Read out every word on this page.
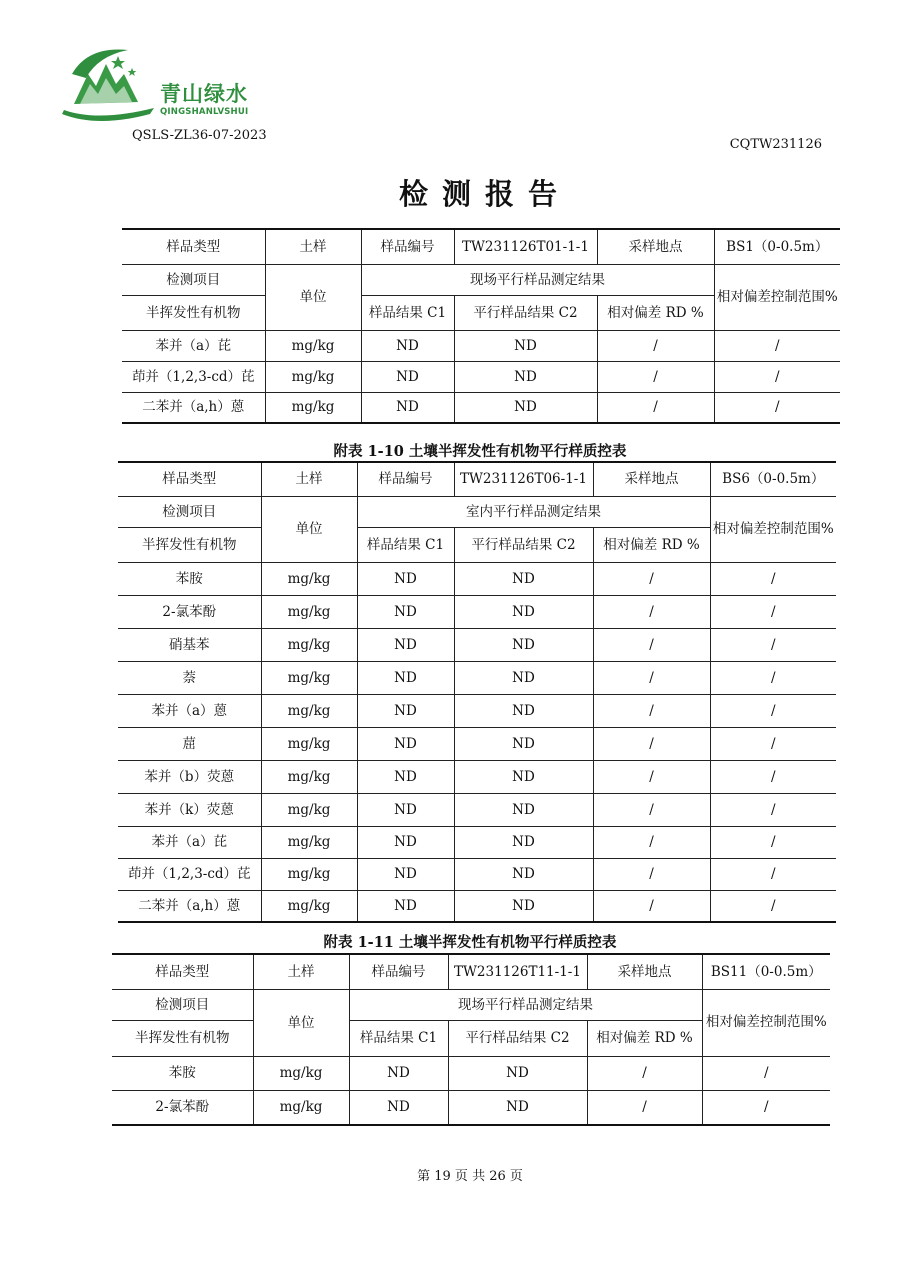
青山绿水
QINGSHANLVSHUI
QSLS-ZL36-07-2023
CQTW231126
检测报告
样品类型	土样	样品编号	TW231126T01-1-1	采样地点	BS1（0-0.5m）
检测项目	单位	现场平行样品测定结果			相对偏差控制范围%
半挥发性有机物		样品结果 C1	平行样品结果 C2	相对偏差 RD %	
苯并（a）芘	mg/kg	ND	ND	/	/
茚并（1,2,3-cd）芘	mg/kg	ND	ND	/	/
二苯并（a,h）蒽	mg/kg	ND	ND	/	/
附表 1-10 土壤半挥发性有机物平行样质控表
样品类型	土样	样品编号	TW231126T06-1-1	采样地点	BS6（0-0.5m）
检测项目	单位	室内平行样品测定结果			相对偏差控制范围%
半挥发性有机物		样品结果 C1	平行样品结果 C2	相对偏差 RD %	
苯胺	mg/kg	ND	ND	/	/
2-氯苯酚	mg/kg	ND	ND	/	/
硝基苯	mg/kg	ND	ND	/	/
萘	mg/kg	ND	ND	/	/
苯并（a）蒽	mg/kg	ND	ND	/	/
䓛	mg/kg	ND	ND	/	/
苯并（b）荧蒽	mg/kg	ND	ND	/	/
苯并（k）荧蒽	mg/kg	ND	ND	/	/
苯并（a）芘	mg/kg	ND	ND	/	/
茚并（1,2,3-cd）芘	mg/kg	ND	ND	/	/
二苯并（a,h）蒽	mg/kg	ND	ND	/	/
附表 1-11 土壤半挥发性有机物平行样质控表
样品类型	土样	样品编号	TW231126T11-1-1	采样地点	BS11（0-0.5m）
检测项目	单位	现场平行样品测定结果			相对偏差控制范围%
半挥发性有机物		样品结果 C1	平行样品结果 C2	相对偏差 RD %	
苯胺	mg/kg	ND	ND	/	/
2-氯苯酚	mg/kg	ND	ND	/	/
第 19 页 共 26 页
